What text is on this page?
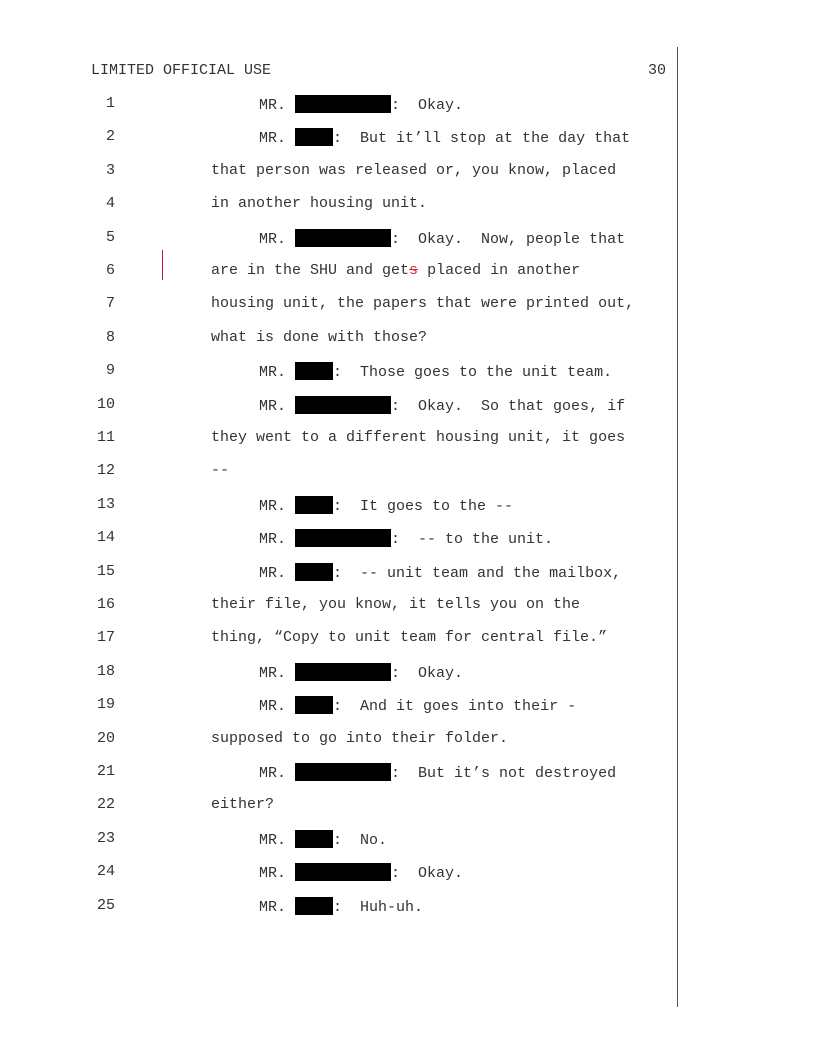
LIMITED OFFICIAL USE	30
1	MR.	:  Okay.
2	MR.	:  But it’ll stop at the day that
3	that person was released or, you know, placed
4	in another housing unit.
5	MR.	:  Okay.  Now, people that
6	are in the SHU and gets placed in another
7	housing unit, the papers that were printed out,
8	what is done with those?
9	MR.	:  Those goes to the unit team.
10	MR.	:  Okay.  So that goes, if
11	they went to a different housing unit, it goes
12	--
13	MR.	:  It goes to the --
14	MR.	:  -- to the unit.
15	MR.	:  -- unit team and the mailbox,
16	their file, you know, it tells you on the
17	thing, “Copy to unit team for central file.”
18	MR.	:  Okay.
19	MR.	:  And it goes into their -
20	supposed to go into their folder.
21	MR.	:  But it’s not destroyed
22	either?
23	MR.	:  No.
24	MR.	:  Okay.
25	MR.	:  Huh-uh.
